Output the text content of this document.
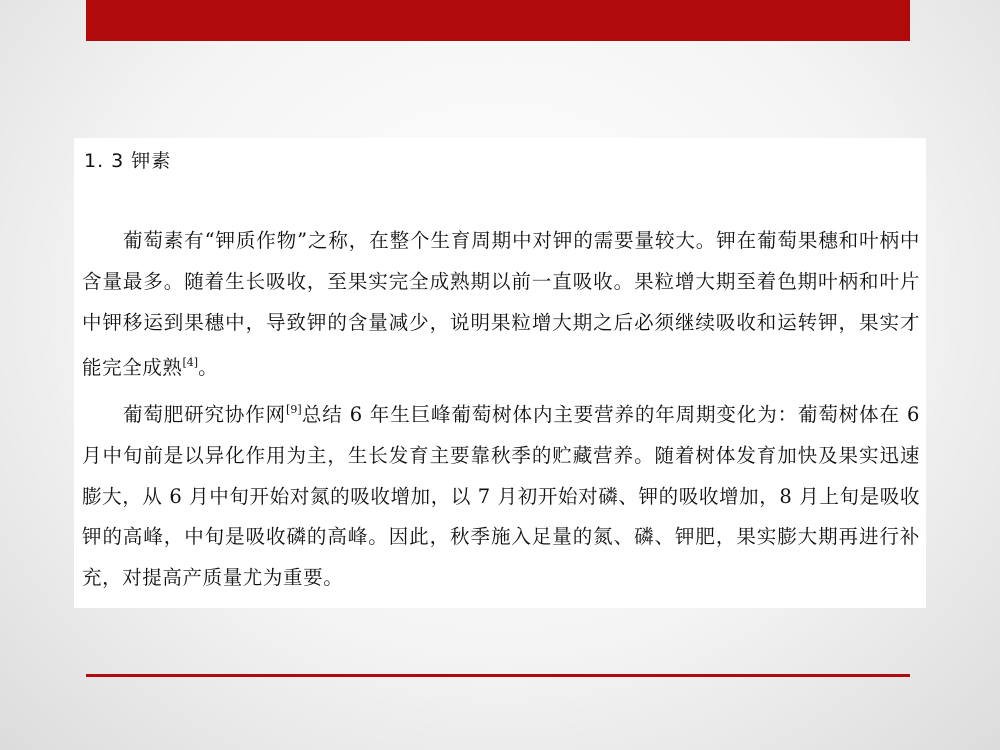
1. 3 钾素

葡萄素有“钾质作物”之称，在整个生育周期中对钾的需要量较大。钾在葡萄果穗和叶柄中含量最多。随着生长吸收，至果实完全成熟期以前一直吸收。果粒增大期至着色期叶柄和叶片中钾移运到果穗中，导致钾的含量减少，说明果粒增大期之后必须继续吸收和运转钾，果实才能完全成熟[4]。

葡萄肥研究协作网[9]总结 6 年生巨峰葡萄树体内主要营养的年周期变化为：葡萄树体在 6 月中旬前是以异化作用为主，生长发育主要靠秋季的贮藏营养。随着树体发育加快及果实迅速膨大，从 6 月中旬开始对氮的吸收增加，以 7 月初开始对磷、钾的吸收增加，8 月上旬是吸收钾的高峰，中旬是吸收磷的高峰。因此，秋季施入足量的氮、磷、钾肥，果实膨大期再进行补充，对提高产质量尤为重要。
